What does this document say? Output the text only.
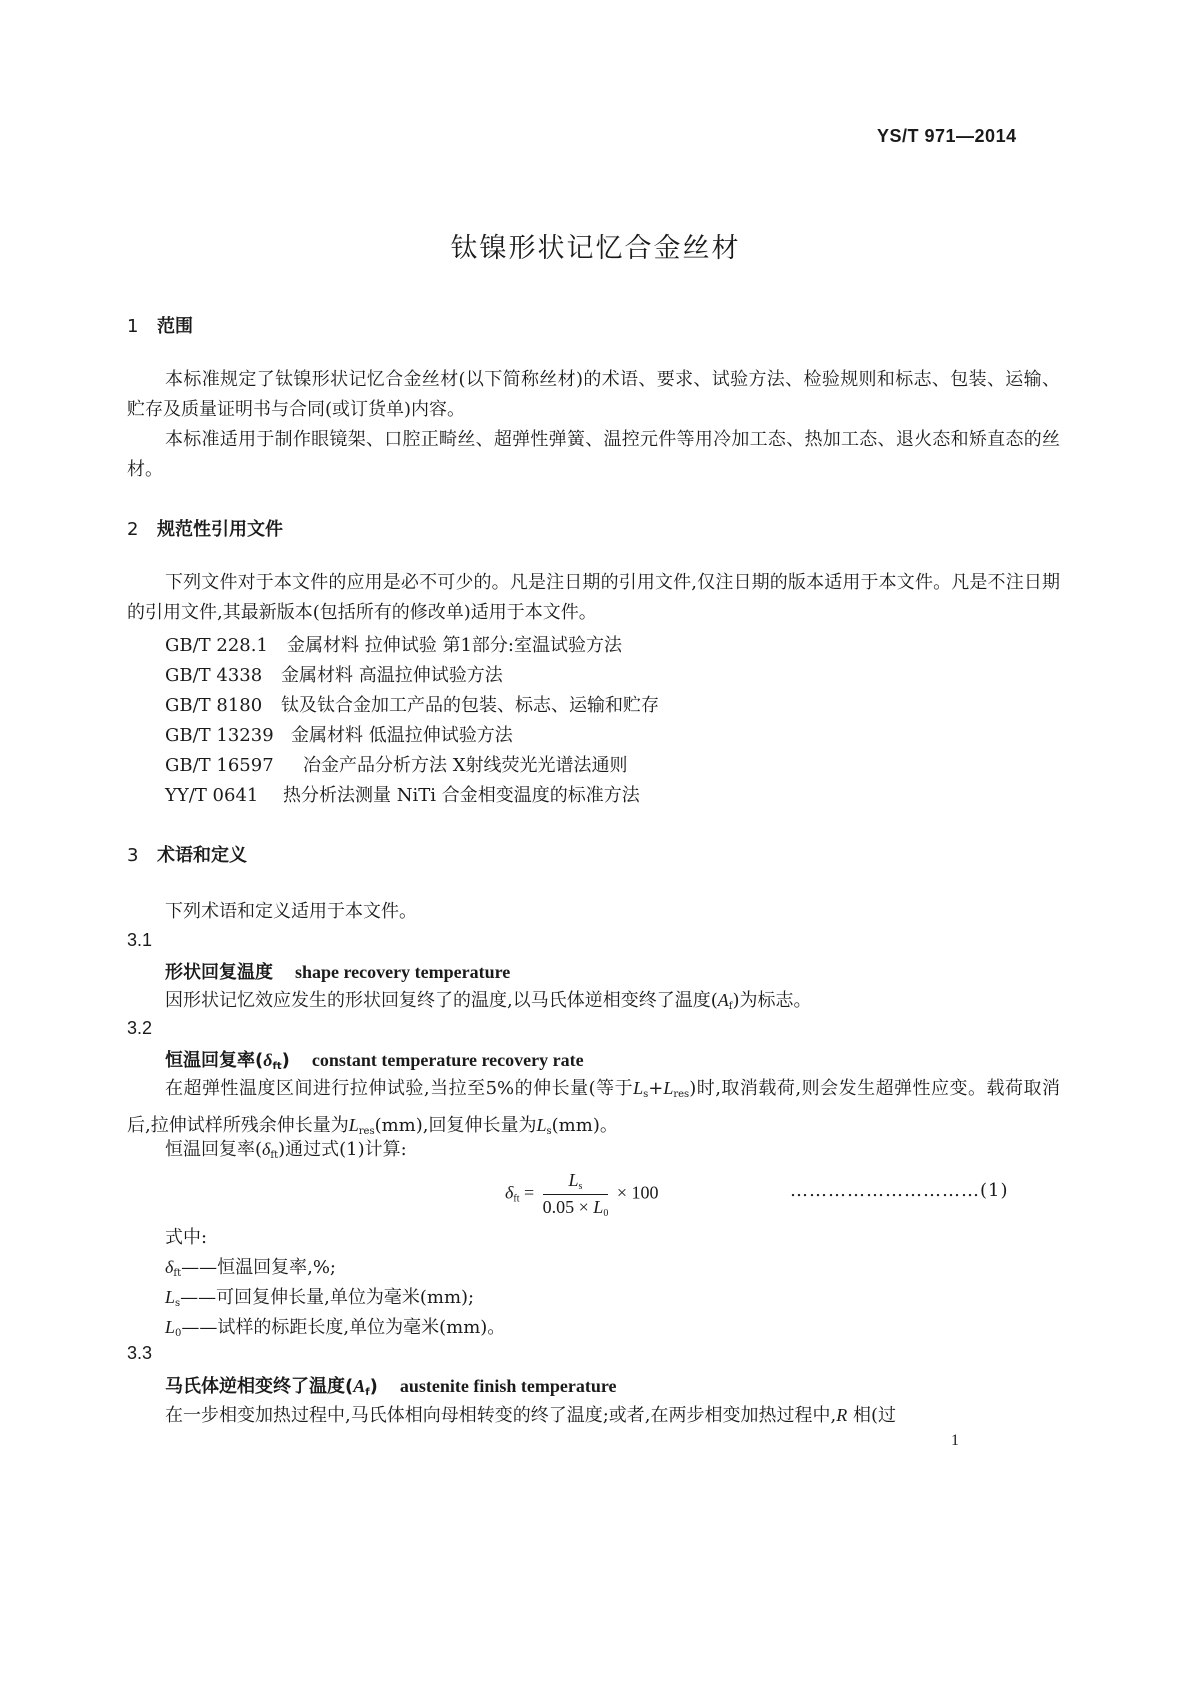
YS/T 971—2014
钛镍形状记忆合金丝材
1 范围
本标准规定了钛镍形状记忆合金丝材(以下简称丝材)的术语、要求、试验方法、检验规则和标志、包装、运输、贮存及质量证明书与合同(或订货单)内容。
本标准适用于制作眼镜架、口腔正畸丝、超弹性弹簧、温控元件等用冷加工态、热加工态、退火态和矫直态的丝材。
2 规范性引用文件
下列文件对于本文件的应用是必不可少的。凡是注日期的引用文件,仅注日期的版本适用于本文件。凡是不注日期的引用文件,其最新版本(包括所有的修改单)适用于本文件。
GB/T 228.1 金属材料 拉伸试验 第1部分:室温试验方法
GB/T 4338 金属材料 高温拉伸试验方法
GB/T 8180 钛及钛合金加工产品的包装、标志、运输和贮存
GB/T 13239 金属材料 低温拉伸试验方法
GB/T 16597 冶金产品分析方法 X射线荧光光谱法通则
YY/T 0641 热分析法测量 NiTi 合金相变温度的标准方法
3 术语和定义
下列术语和定义适用于本文件。
3.1
形状回复温度 shape recovery temperature
因形状记忆效应发生的形状回复终了的温度,以马氏体逆相变终了温度$(A_f)$为标志。
3.2
恒温回复率$(\delta_{ft})$ constant temperature recovery rate
在超弹性温度区间进行拉伸试验,当拉至5%的伸长量(等于$L_s+L_{res}$)时,取消载荷,则会发生超弹性应变。载荷取消后,拉伸试样所残余伸长量为$L_{res}(mm)$,回复伸长量为$L_s(mm)$。
恒温回复率$(\delta_{ft})$通过式(1)计算:
$\delta_{ft} = \frac{L_s}{0.05 \times L_0} \times 100$	…………………………(1)
式中:
$\delta_{ft}——$恒温回复率,%;
$L_s——$可回复伸长量,单位为毫米(mm);
$L_0——$试样的标距长度,单位为毫米(mm)。
3.3
马氏体逆相变终了温度$(A_f)$ austenite finish temperature
在一步相变加热过程中,马氏体相向母相转变的终了温度;或者,在两步相变加热过程中,R 相(过
1
